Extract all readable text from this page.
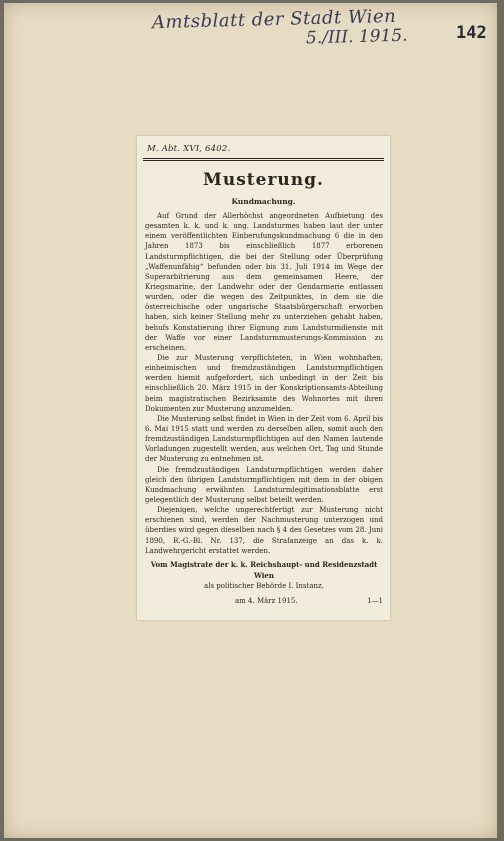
Amtsblatt der Stadt Wien
5./III. 1915.	142
M. Abt. XVI, 6402.
Musterung.
Kundmachung.

Auf Grund der Allerhöchst angeordneten Aufbietung des gesamten k. k. und k. ung. Landsturmes haben laut der unter einem veröffentlichten Einberufungskundmachung 6 die in den Jahren 1873 bis einschließlich 1877 erborenen Landsturmpflichtigen, die bei der Stellung oder Überprüfung „Waffenunfähig“ befunden oder bis 31. Juli 1914 im Wege der Superarbitrierung aus dem gemeinsamen Heere, der Kriegsmarine, der Landwehr oder der Gendarmerie entlassen wurden, oder die wegen des Zeitpunktes, in dem sie die österreichische oder ungarische Staatsbürgerschaft erworben haben, sich keiner Stellung mehr zu unterziehen gehabt haben, behufs Konstatierung ihrer Eignung zum Landsturmdienste mit der Waffe vor einer Landsturmmusterungs-Kommission zu erscheinen.

Die zur Musterung verpflichteten, in Wien wohnhaften, einheimischen und fremdzuständigen Landsturmpflichtigen werden hiemit aufgefordert, sich unbedingt in der Zeit bis einschließlich 20. März 1915 in der Konskriptionsamts-Abteilung beim magistratischen Bezirksamte des Wohnortes mit ihren Dokumenten zur Musterung anzumelden.

Die Musterung selbst findet in Wien in der Zeit vom 6. April bis 6. Mai 1915 statt und werden zu derselben allen, somit auch den fremdzuständigen Landsturmpflichtigen auf den Namen lautende Vorladungen zugestellt werden, aus welchen Ort, Tag und Stunde der Musterung zu entnehmen ist.

Die fremdzuständigen Landsturmpflichtigen werden daher gleich den übrigen Landsturmpflichtigen mit dem in der obigen Kundmachung erwähnten Landsturmlegitimationsblatte erst gelegentlich der Musterung selbst beteilt werden.

Diejenigen, welche ungerechtfertigt zur Musterung nicht erschienen sind, werden der Nachmusterung unterzogen und überdies wird gegen dieselben nach § 4 des Gesetzes vom 28. Juni 1890, R.-G.-Bl. Nr. 137, die Strafanzeige an das k. k. Landwehrgericht erstattet werden.

Vom Magistrate der k. k. Reichshaupt- und Residenzstadt Wien
als politischer Behörde I. Instanz,
am 4. März 1915.	1—1
